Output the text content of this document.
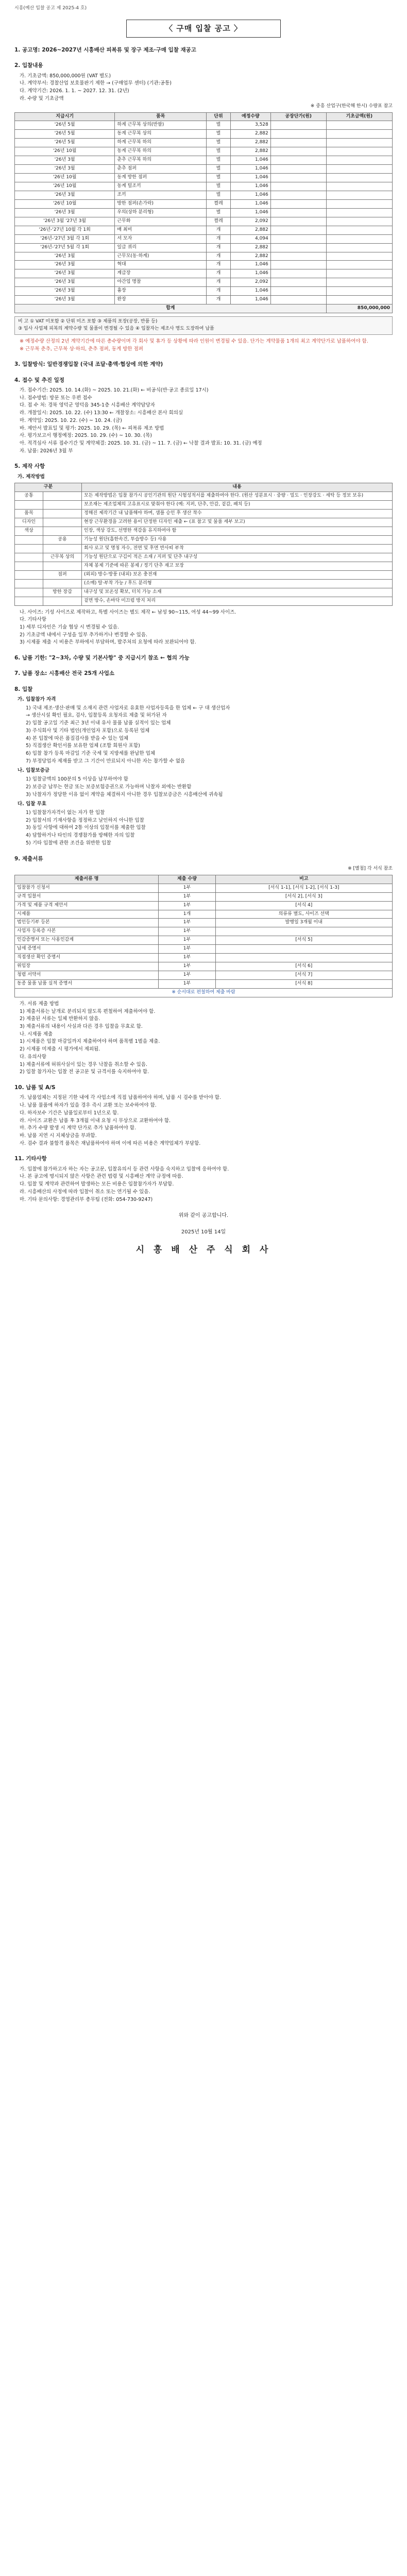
시흥(예산 입찰 공고 제 2025-4 호)
〈 구매 입찰 공고 〉
1. 공고명: 2026~2027년 시흥배산 피복류 및 장구 제조·구매 입찰 재공고
2. 입찰내용
가. 기초금액: 850,000,000원 (VAT 별도)
나. 계약부서: 경찰산업 보호물판기 제한 → (구매업무 센터) (기관:공통)
다. 계약기간: 2026. 1. 1. ~ 2027. 12. 31. (2년)
라. 수량 및 기초금액
※ 중흥 산업구(한국해 한시) 수량표 참고
지급시기	품목	단위	예정수량	공장단가(원)	기초금액(원)
'26년 5월	하계 근무복 상의(반팔)	벌	3,528		
'26년 5월	동계 근무복 상의	벌	2,882		
'26년 5월	하계 근무복 하의	벌	2,882		
'26년 10월	동계 근무복 하의	벌	2,882		
'26년 3월	춘추 근무복 하의	벌	1,046		
'26년 3월	춘추 점퍼	벌	1,046		
'26년 10월	동계 방한 점퍼	벌	1,046		
'26년 10월	동계 털조끼	벌	1,046		
'26년 3월	조끼	벌	1,046		
'26년 10월	방한 점퍼(손가락)	켤레	1,046		
'26년 3월	우의(상하 분리형)	벌	1,046		
'26년 3월 '27년 3월	근무화	켤레	2,092		
'26년-'27년 10월 각 1회	배 최비	개	2,882		
'26년-'27년 3월 각 1회	셔 모자	개	4,094		
'26년-'27년 5월 각 1회	일급 쿼리	개	2,882		
'26년 3월	근무모(동·하계)	개	2,882		
'26년 3월	혁대	개	1,046		
'26년 3월	계급장	개	1,046		
'26년 3월	야간업 명찰	개	2,092		
'26년 3월	흉장	개	1,046		
'26년 3월	완장	개	1,046		
합계					850,000,000
비 고 ① VAT 미포함 ② 단위 미즈 포함 ③ 제품의 포장(공장, 반품 등)
③ 입사 사업체 피복의 계약수량 및 물품이 변경될 수 있음 ④ 입찰자는 제조사 명도 도장하여 납품
※ 예정수량 산정의 2년 계약기간에 따른 총수량이며 각 회사 및 휴가 등 상황에 따라 인원이 변경될 수 있음. 단가는 계약물품 1개의 최고 계약단가로 납품하여야 함.
※ 근무복 춘추, 근무복 상·하의, 춘추 점퍼, 동계 방한 점퍼
3. 입찰방식: 일반경쟁입찰 (국내 조달·총액·협상에 의한 계약)
4. 접수 및 추진 일정
가. 접수기간: 2025. 10. 14.(화) ~ 2025. 10. 21.(화) ← 비공식(반·공고 종료일 17시)
나. 접수방법: 방문 또는 우편 접수
다. 접 수 처: 경북 영덕군 영덕읍 345-1층 시흥배산 계약담당자
라. 개찰일시: 2025. 10. 22. (수) 13:30 ← 개찰장소: 시흥배산 본사 회의실
마. 계약일: 2025. 10. 22. (수) ~ 10. 24. (금)
바. 제안서 발표일 및 평가: 2025. 10. 29. (목) ← 피복류 제조 방법
사. 평가보고서 행정예정: 2025. 10. 29. (수) ~ 10. 30. (목)
아. 적격심사 서류 접수기간 및 계약체결: 2025. 10. 31. (금) ~ 11. 7. (금) ← 낙찰 결과 발표: 10. 31. (금) 예정
자. 납품: 2026년 3월 부
5. 제작 사항
가. 제작방법
구분		내용
공통		모든 제작방법은 입찰 참가시 공인기관의 원단 시험성적서를 제출하여야 한다. (원산 성분표시 · 중량 · 밀도 · 인장강도 · 세탁 등 정보 보유)
		보조재는 제조업체의 고유표시로 맞춰야 한다 (예: 지퍼, 단추, 안감, 겉감, 패치 등)
품목		정해진 제작기간 내 납품해야 하며, 샘플 승인 후 생산 착수
디자인		현장 근무환경을 고려한 용이 단정한 디자인 제출 ← (표 참고 및 물품 세부 보고)
색상		인장, 색상 강도, 선명한 색감을 유지하여야 함
	공용	기능성 원단(흡한속건, 투습방수 등) 사용
		회사 로고 및 명칭 자수, 전면 및 후면 반사띠 부착
	근무복 상의	기능성 원단으로 구김이 적은 소재 / 지퍼 및 단추 내구성
		자체 봉제 기준에 따른 봉제 / 정기 단추 재고 보장
	점퍼	(외피) 방수·방풍 (내피) 보온 충전재
		(소매) 탈·부착 가능 / 후드 분리형
	방한 장갑	내구성 및 보온성 확보, 터치 가능 소재
		겉면 방수, 손바닥 미끄럼 방지 처리
나. 사이즈: 기성 사이즈로 제작하고, 특별 사이즈는 별도 제작 ← 남성 90~115, 여성 44~99 사이즈.
다. 기타사항
1) 세부 디자인은 기술 협상 시 변경될 수 있음.
2) 기초금액 내에서 구성을 일부 추가하거나 변경할 수 있음.
3) 시제품 제출 시 비용은 부하에서 부담하며, 발주처의 요청에 따라 보완되어야 함.
6. 납품 기한: "2~3차, 수량 및 기본사항" 중 지급시기 참조 ← 협의 가능
7. 납품 장소: 시흥배산 전국 25개 사업소
8. 입찰
가. 입찰참가 자격
1) 국내 제조·생산·판매 및 소재지 관련 사업자로 유효한 사업자등록을 한 업체 ← 구 대 생산업자
→ 생산시설 확인 필요, 검사, 입찰등록 요청자료 제출 및 허가된 자
2) 입찰 공고일 기준 최근 3년 이내 유사 물품 납품 실적이 있는 업체
3) 주식회사 및 기타 법인(개인업자 포함)으로 등록된 업체
4) 본 입찰에 따른 품질검사를 받을 수 있는 업체
5) 직접생산 확인서를 보유한 업체 (조합 회원사 포함)
6) 입찰 참가 등록 마감일 기준 국세 및 지방세를 완납한 업체
7) 부정당업자 제재를 받고 그 기간이 만료되지 아니한 자는 참가할 수 없음
나. 입찰보증금
1) 입찰금액의 100분의 5 이상을 납부하여야 함
2) 보증금 납부는 현금 또는 보증보험증권으로 가능하며 낙찰자 외에는 반환함
3) 낙찰자가 정당한 이유 없이 계약을 체결하지 아니한 경우 입찰보증금은 시흥배산에 귀속됨
다. 입찰 무효
1) 입찰참가자격이 없는 자가 한 입찰
2) 입찰서의 기재사항을 정정하고 날인하지 아니한 입찰
3) 동일 사항에 대하여 2통 이상의 입찰서를 제출한 입찰
4) 담합하거나 타인의 경쟁참가를 방해한 자의 입찰
5) 기타 입찰에 관한 조건을 위반한 입찰
9. 제출서류
※ [별첨] 각 서식 참조
제출서류 명	제출 수량	비고
입찰참가 신청서	1부	[서식 1-1], [서식 1-2], [서식 1-3]
규격 입찰서	1부	[서식 2], [서식 3]
가격 및 제품 규격 제안서	1부	[서식 4]
시제품	1개	의류류 별도, 사이즈 선택
법인등기부 등본	1부	발행일 3개월 이내
사업자 등록증 사본	1부	
인감증명서 또는 사용인감계	1부	[서식 5]
납세 증명서	1부	
직접생산 확인 증명서	1부	
위임장	1부	[서식 6]
청렴 서약서	1부	[서식 7]
동종 물품 납품 실적 증명서	1부	[서식 8]
※ 순서대로 편철하여 제출 바람		
가. 서류 제출 방법
1) 제출서류는 낱개로 분리되지 않도록 편철하여 제출하여야 함.
2) 제출된 서류는 일체 반환하지 않음.
3) 제출서류의 내용이 사실과 다른 경우 입찰을 무효로 함.
나. 시제품 제출
1) 시제품은 입찰 마감일까지 제출하여야 하며 품목별 1벌을 제출.
2) 시제품 미제출 시 평가에서 제외됨.
다. 유의사항
1) 제출서류에 허위사실이 있는 경우 낙찰을 취소할 수 있음.
2) 입찰 참가자는 입찰 전 공고문 및 규격서를 숙지하여야 함.
10. 납품 및 A/S
가. 납품업체는 지정된 기한 내에 각 사업소에 직접 납품하여야 하며, 납품 시 검수를 받아야 함.
나. 납품 물품에 하자가 있을 경우 즉시 교환 또는 보수하여야 함.
다. 하자보수 기간은 납품일로부터 1년으로 함.
라. 사이즈 교환은 납품 후 3개월 이내 요청 시 무상으로 교환하여야 함.
마. 추가 수량 발생 시 계약 단가로 추가 납품하여야 함.
바. 납품 지연 시 지체상금을 부과함.
사. 검수 결과 불합격 품목은 재납품하여야 하며 이에 따른 비용은 계약업체가 부담함.
11. 기타사항
가. 입찰에 참가하고자 하는 자는 공고문, 입찰유의서 등 관련 사항을 숙지하고 입찰에 응하여야 함.
나. 본 공고에 명시되지 않은 사항은 관련 법령 및 시흥배산 계약 규정에 따름.
다. 입찰 및 계약과 관련하여 발생하는 모든 비용은 입찰참가자가 부담함.
라. 시흥배산의 사정에 따라 입찰이 취소 또는 연기될 수 있음.
마. 기타 문의사항: 경영관리부 총무팀 (전화: 054-730-9247)
위와 같이 공고합니다.
2025년 10월 14일
시 흥 배 산 주 식 회 사
